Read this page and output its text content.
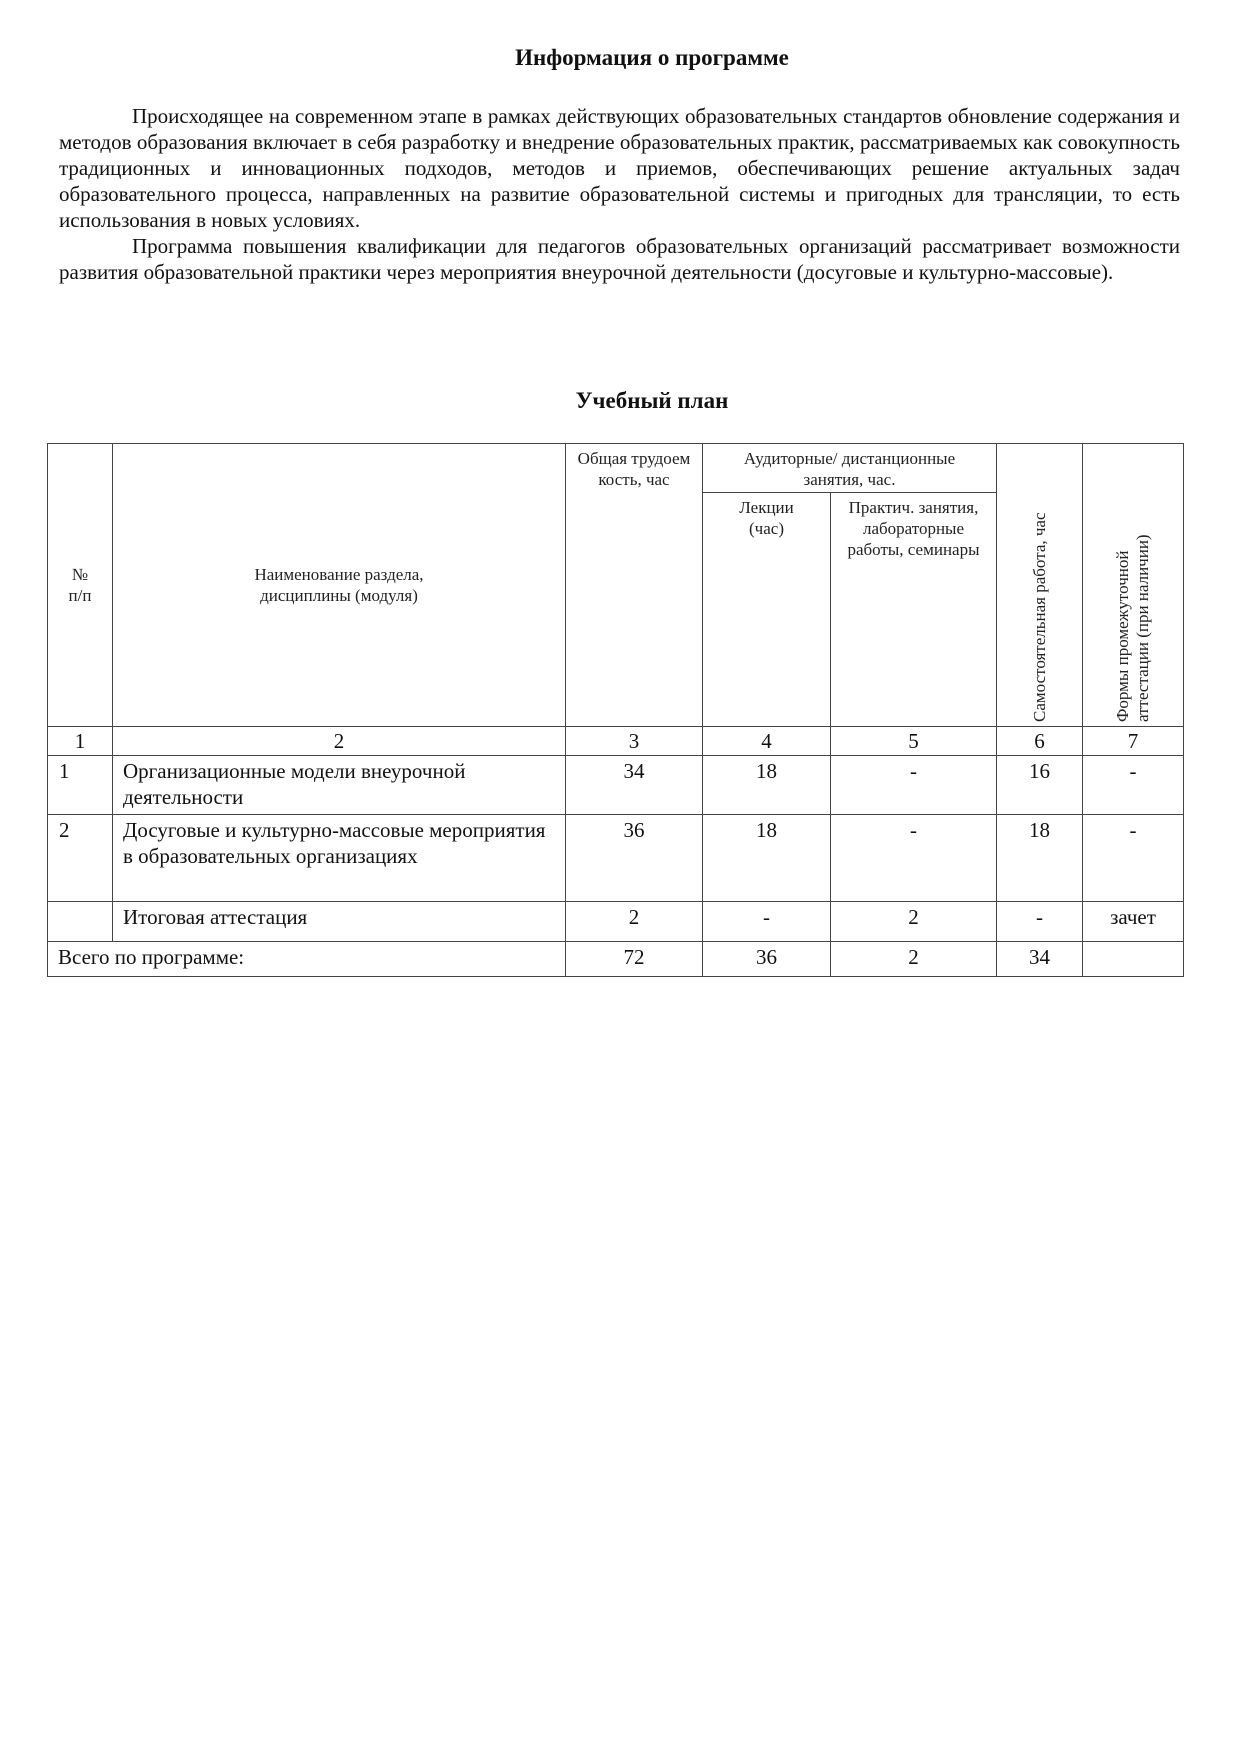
Информация о программе

Происходящее на современном этапе в рамках действующих образовательных стандартов обновление содержания и методов образования включает в себя разработку и внедрение образовательных практик, рассматриваемых как совокупность традиционных и инновационных подходов, методов и приемов, обеспечивающих решение актуальных задач образовательного процесса, направленных на развитие образовательной системы и пригодных для трансляции, то есть использования в новых условиях.

Программа повышения квалификации для педагогов образовательных организаций рассматривает возможности развития образовательной практики через мероприятия внеурочной деятельности (досуговые и культурно-массовые).

Учебный план
№ п/п	Наименование раздела, дисциплины (модуля)	Общая трудоемкость, час	Аудиторные/ дистанционные занятия, час.		Самостоятельная работа, час	Формы промежуточной аттестации (при наличии)

			Лекции (час)	Практич. занятия, лабораторные работы, семинары		

1	2	3	4	5	6	7
1	Организационные модели внеурочной деятельности	34	18	-	16	-
2	Досуговые и культурно-массовые мероприятия в образовательных организациях	36	18	-	18	-
	Итоговая аттестация	2	-	2	-	зачет
Всего по программе:		72	36	2	34	
